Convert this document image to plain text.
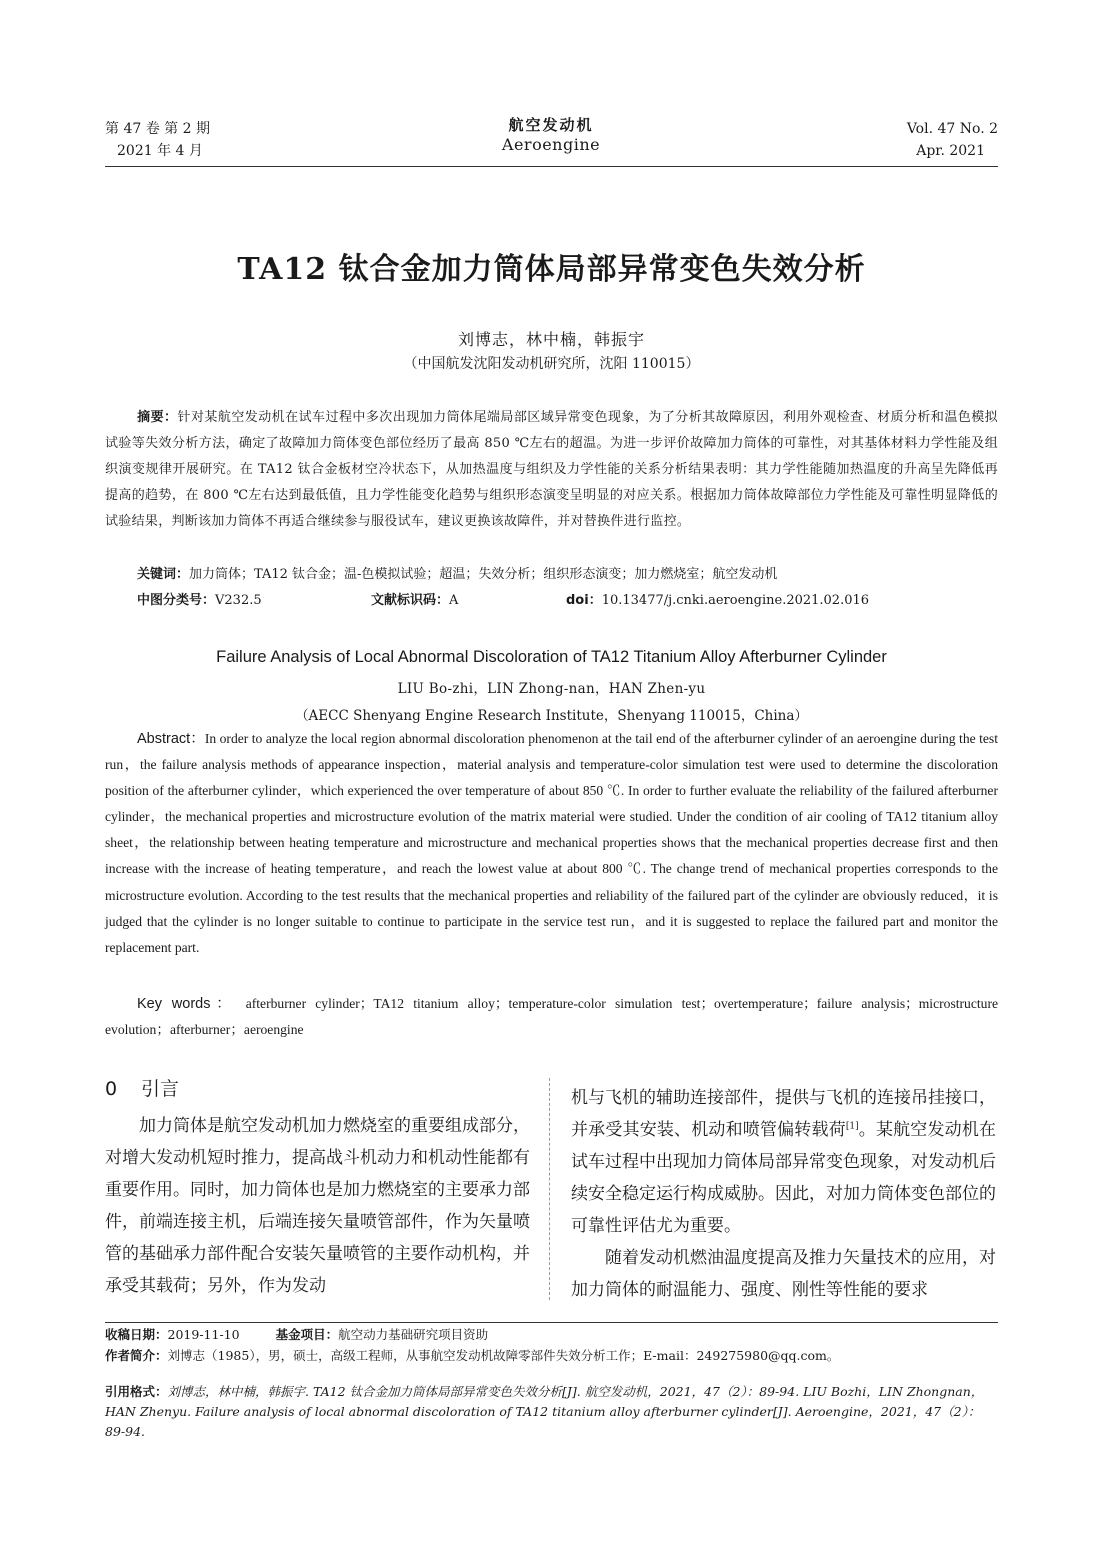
第 47 卷 第 2 期
2021 年 4 月
航空发动机
Aeroengine
Vol. 47 No. 2
Apr. 2021
TA12 钛合金加力筒体局部异常变色失效分析
刘博志，林中楠，韩振宇
（中国航发沈阳发动机研究所，沈阳 110015）
摘要：针对某航空发动机在试车过程中多次出现加力筒体尾端局部区域异常变色现象，为了分析其故障原因，利用外观检查、材质分析和温色模拟试验等失效分析方法，确定了故障加力筒体变色部位经历了最高 850 ℃左右的超温。为进一步评价故障加力筒体的可靠性，对其基体材料力学性能及组织演变规律开展研究。在 TA12 钛合金板材空冷状态下，从加热温度与组织及力学性能的关系分析结果表明：其力学性能随加热温度的升高呈先降低再提高的趋势，在 800 ℃左右达到最低值，且力学性能变化趋势与组织形态演变呈明显的对应关系。根据加力筒体故障部位力学性能及可靠性明显降低的试验结果，判断该加力筒体不再适合继续参与服役试车，建议更换该故障件，并对替换件进行监控。
关键词：加力筒体；TA12 钛合金；温-色模拟试验；超温；失效分析；组织形态演变；加力燃烧室；航空发动机
中图分类号：V232.5	文献标识码：A	doi：10.13477/j.cnki.aeroengine.2021.02.016
Failure Analysis of Local Abnormal Discoloration of TA12 Titanium Alloy Afterburner Cylinder
LIU Bo-zhi，LIN Zhong-nan，HAN Zhen-yu
（AECC Shenyang Engine Research Institute，Shenyang 110015，China）
Abstract：In order to analyze the local region abnormal discoloration phenomenon at the tail end of the afterburner cylinder of an aeroengine during the test run，the failure analysis methods of appearance inspection，material analysis and temperature-color simulation test were used to determine the discoloration position of the afterburner cylinder，which experienced the over temperature of about 850 ℃. In order to further evaluate the reliability of the failured afterburner cylinder，the mechanical properties and microstructure evolution of the matrix material were studied. Under the condition of air cooling of TA12 titanium alloy sheet，the relationship between heating temperature and microstructure and mechanical properties shows that the mechanical properties decrease first and then increase with the increase of heating temperature，and reach the lowest value at about 800 ℃. The change trend of mechanical properties corresponds to the microstructure evolution. According to the test results that the mechanical properties and reliability of the failured part of the cylinder are obviously reduced，it is judged that the cylinder is no longer suitable to continue to participate in the service test run，and it is suggested to replace the failured part and monitor the replacement part.
Key words： afterburner cylinder；TA12 titanium alloy；temperature-color simulation test；overtemperature；failure analysis；microstructure evolution；afterburner；aeroengine
0 引言

加力筒体是航空发动机加力燃烧室的重要组成部分，对增大发动机短时推力，提高战斗机动力和机动性能都有重要作用。同时，加力筒体也是加力燃烧室的主要承力部件，前端连接主机，后端连接矢量喷管部件，作为矢量喷管的基础承力部件配合安装矢量喷管的主要作动机构，并承受其载荷；另外，作为发动

机与飞机的辅助连接部件，提供与飞机的连接吊挂接口，并承受其安装、机动和喷管偏转载荷[1]。某航空发动机在试车过程中出现加力筒体局部异常变色现象，对发动机后续安全稳定运行构成威胁。因此，对加力筒体变色部位的可靠性评估尤为重要。

随着发动机燃油温度提高及推力矢量技术的应用，对加力筒体的耐温能力、强度、刚性等性能的要求

收稿日期：2019-11-10	基金项目：航空动力基础研究项目资助
作者简介：刘博志（1985），男，硕士，高级工程师，从事航空发动机故障零部件失效分析工作；E-mail：249275980@qq.com。
引用格式：刘博志，林中楠，韩振宇. TA12 钛合金加力筒体局部异常变色失效分析[J]. 航空发动机，2021，47（2）：89-94. LIU Bozhi，LIN Zhongnan，HAN Zhenyu. Failure analysis of local abnormal discoloration of TA12 titanium alloy afterburner cylinder[J]. Aeroengine，2021，47（2）：89-94.
